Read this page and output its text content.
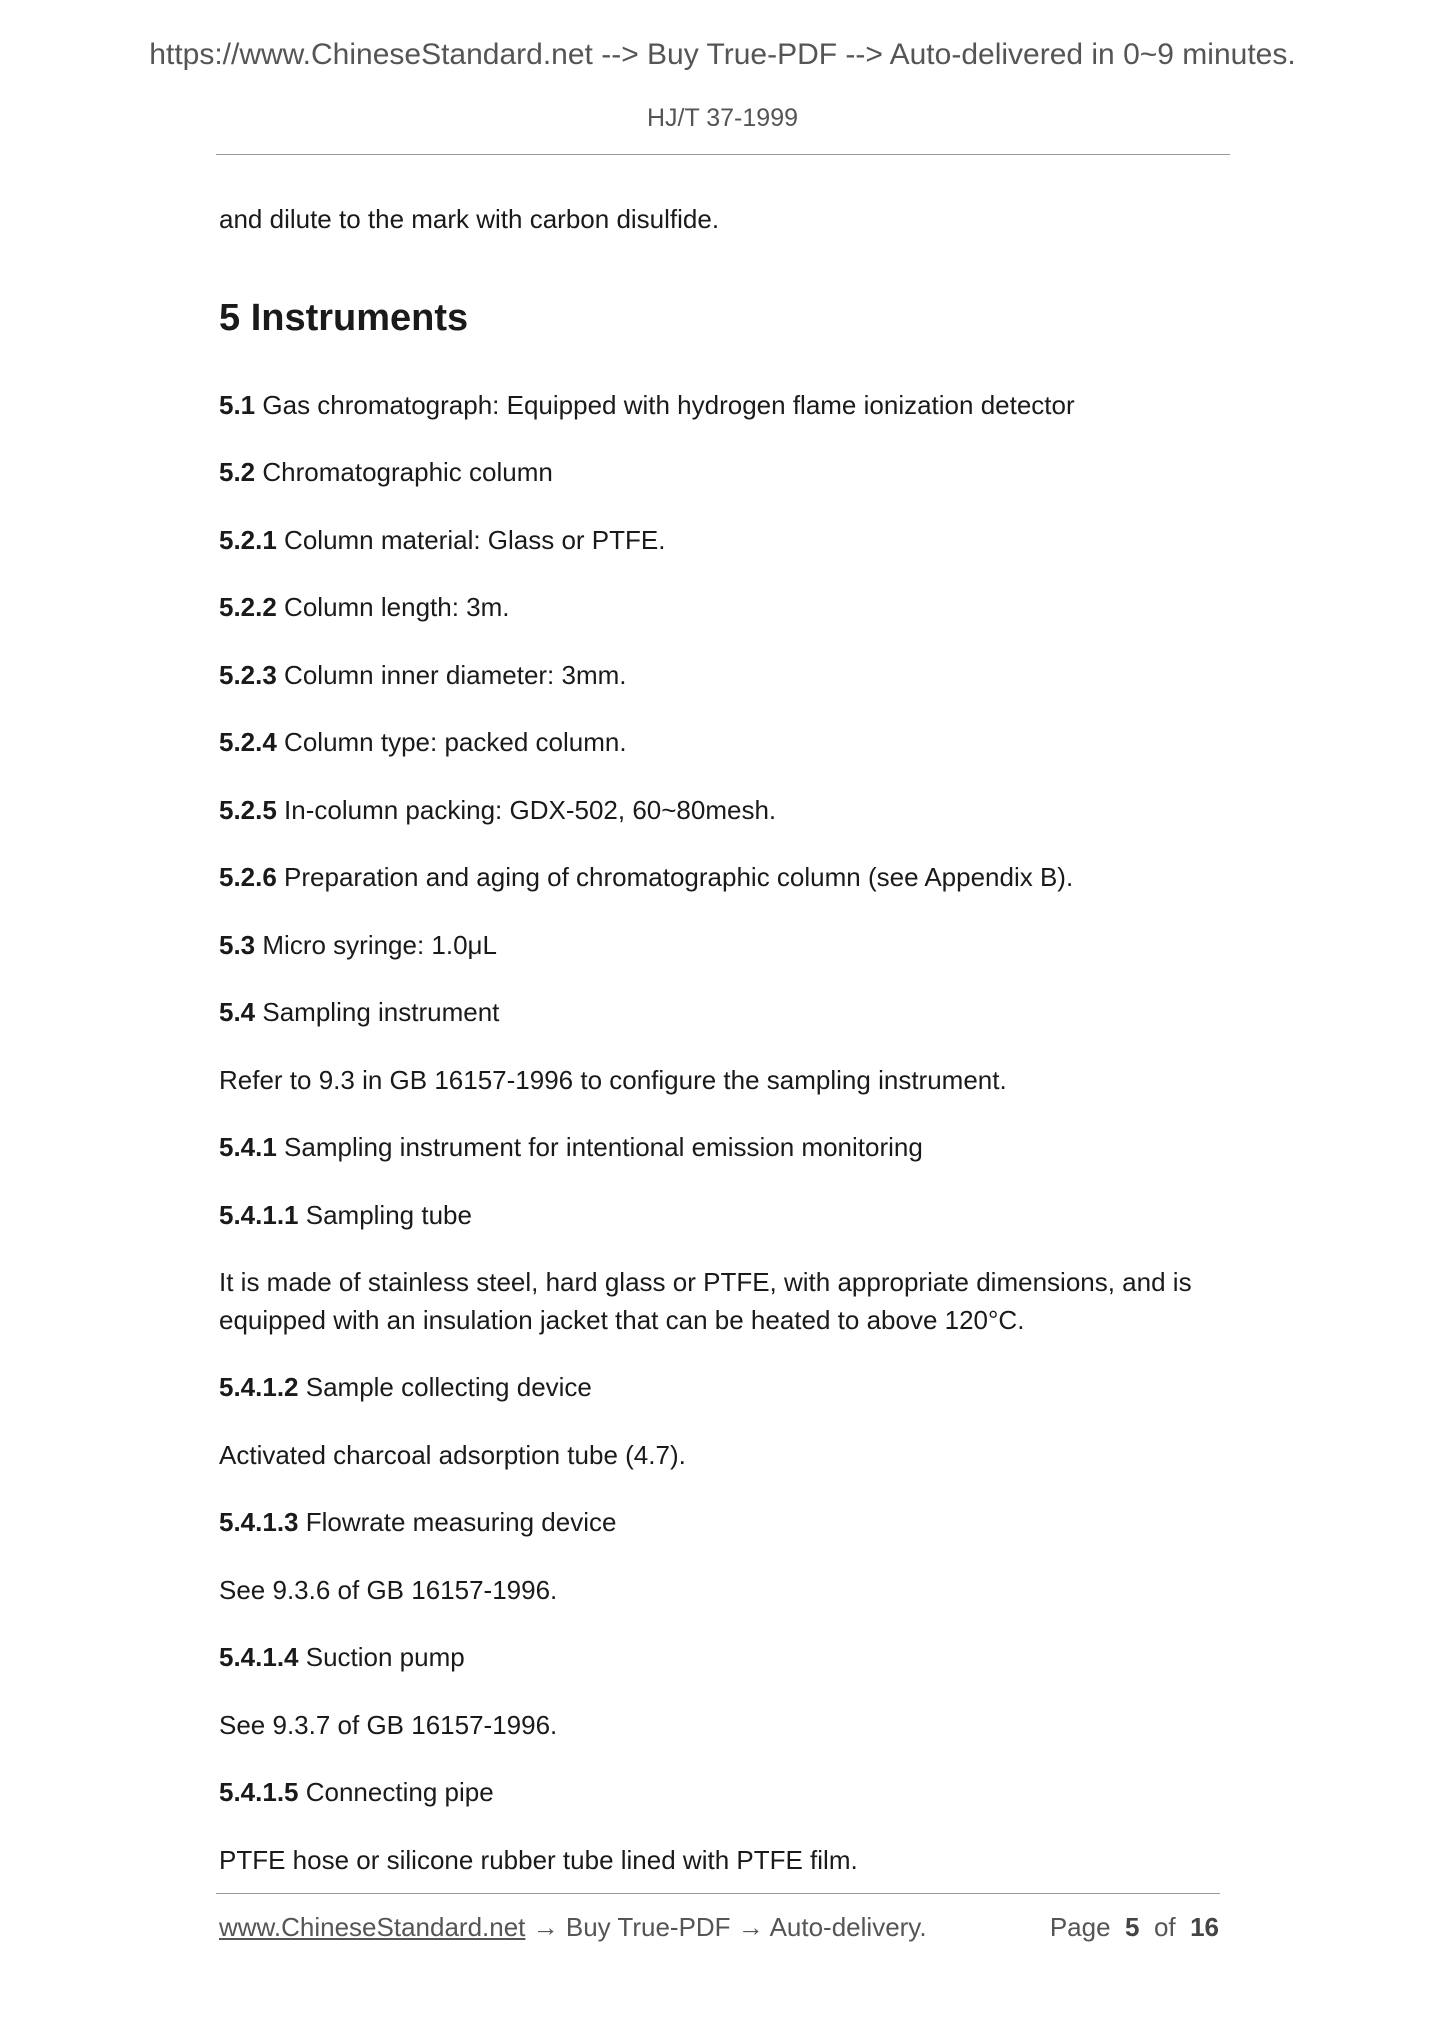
https://www.ChineseStandard.net --> Buy True-PDF --> Auto-delivered in 0~9 minutes.
HJ/T 37-1999

and dilute to the mark with carbon disulfide.

5 Instruments

5.1 Gas chromatograph: Equipped with hydrogen flame ionization detector

5.2 Chromatographic column

5.2.1 Column material: Glass or PTFE.

5.2.2 Column length: 3m.

5.2.3 Column inner diameter: 3mm.

5.2.4 Column type: packed column.

5.2.5 In-column packing: GDX-502, 60~80mesh.

5.2.6 Preparation and aging of chromatographic column (see Appendix B).

5.3 Micro syringe: 1.0μL

5.4 Sampling instrument

Refer to 9.3 in GB 16157-1996 to configure the sampling instrument.

5.4.1 Sampling instrument for intentional emission monitoring

5.4.1.1 Sampling tube

It is made of stainless steel, hard glass or PTFE, with appropriate dimensions, and is equipped with an insulation jacket that can be heated to above 120°C.

5.4.1.2 Sample collecting device

Activated charcoal adsorption tube (4.7).

5.4.1.3 Flowrate measuring device

See 9.3.6 of GB 16157-1996.

5.4.1.4 Suction pump

See 9.3.7 of GB 16157-1996.

5.4.1.5 Connecting pipe

PTFE hose or silicone rubber tube lined with PTFE film.

www.ChineseStandard.net → Buy True-PDF → Auto-delivery.	Page 5 of 16
